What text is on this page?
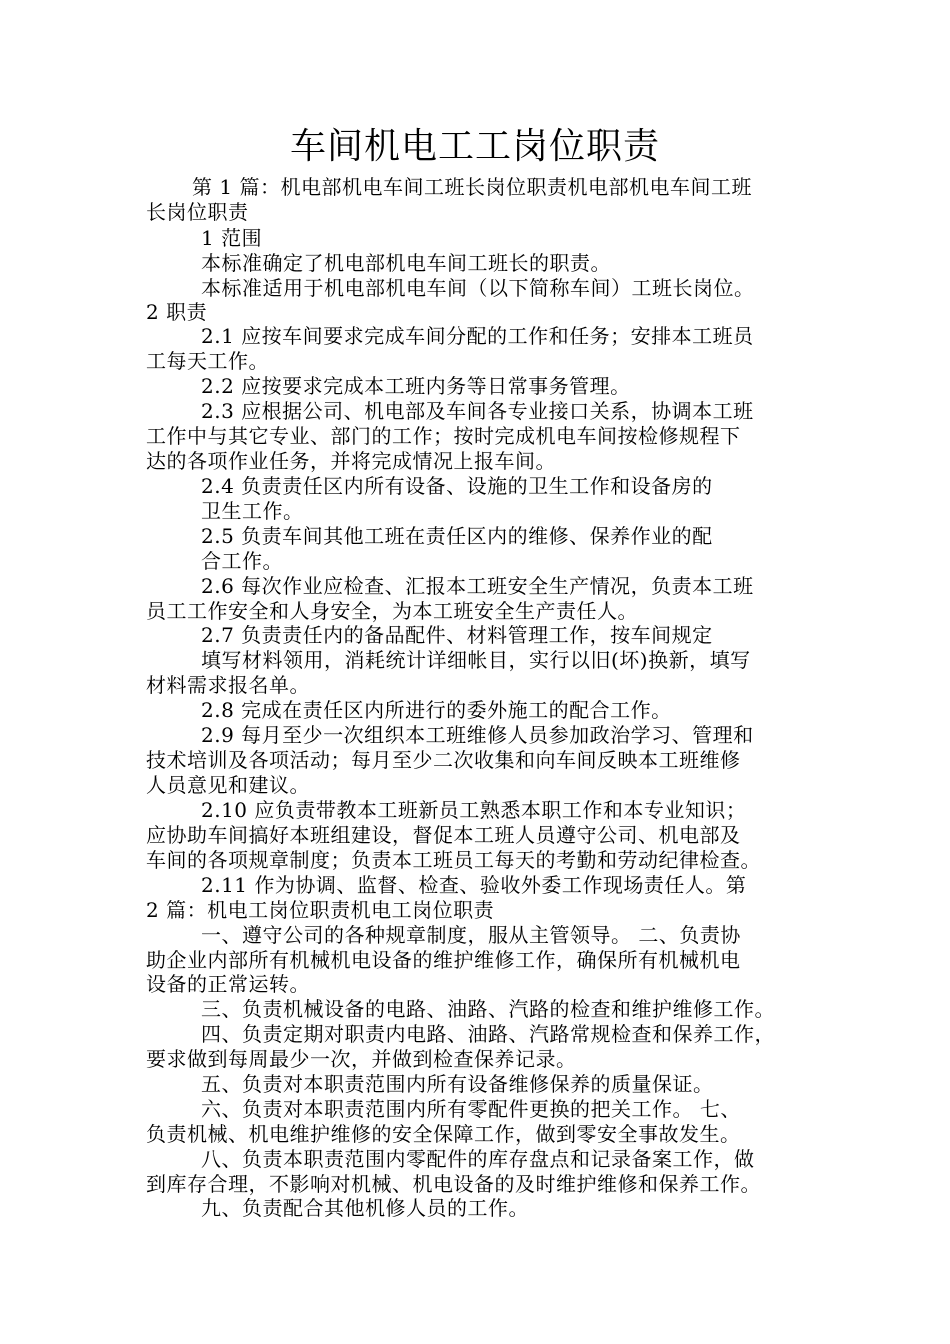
车间机电工工岗位职责
第 1 篇：机电部机电车间工班长岗位职责机电部机电车间工班
长岗位职责
1 范围
本标准确定了机电部机电车间工班长的职责。
本标准适用于机电部机电车间（以下简称车间）工班长岗位。
2 职责
2.1 应按车间要求完成车间分配的工作和任务；安排本工班员
工每天工作。
2.2 应按要求完成本工班内务等日常事务管理。
2.3 应根据公司、机电部及车间各专业接口关系，协调本工班
工作中与其它专业、部门的工作；按时完成机电车间按检修规程下
达的各项作业任务，并将完成情况上报车间。
2.4 负责责任区内所有设备、设施的卫生工作和设备房的
卫生工作。
2.5 负责车间其他工班在责任区内的维修、保养作业的配
合工作。
2.6 每次作业应检查、汇报本工班安全生产情况，负责本工班
员工工作安全和人身安全，为本工班安全生产责任人。
2.7 负责责任内的备品配件、材料管理工作，按车间规定
填写材料领用，消耗统计详细帐目，实行以旧(坏)换新，填写
材料需求报名单。
2.8 完成在责任区内所进行的委外施工的配合工作。
2.9 每月至少一次组织本工班维修人员参加政治学习、管理和
技术培训及各项活动；每月至少二次收集和向车间反映本工班维修
人员意见和建议。
2.10 应负责带教本工班新员工熟悉本职工作和本专业知识；
应协助车间搞好本班组建设，督促本工班人员遵守公司、机电部及
车间的各项规章制度；负责本工班员工每天的考勤和劳动纪律检查。
2.11 作为协调、监督、检查、验收外委工作现场责任人。第
2 篇：机电工岗位职责机电工岗位职责
一、遵守公司的各种规章制度，服从主管领导。 二、负责协
助企业内部所有机械机电设备的维护维修工作，确保所有机械机电
设备的正常运转。
三、负责机械设备的电路、油路、汽路的检查和维护维修工作。
四、负责定期对职责内电路、油路、汽路常规检查和保养工作，
要求做到每周最少一次，并做到检查保养记录。
五、负责对本职责范围内所有设备维修保养的质量保证。
六、负责对本职责范围内所有零配件更换的把关工作。 七、
负责机械、机电维护维修的安全保障工作，做到零安全事故发生。
八、负责本职责范围内零配件的库存盘点和记录备案工作，做
到库存合理，不影响对机械、机电设备的及时维护维修和保养工作。
九、负责配合其他机修人员的工作。
